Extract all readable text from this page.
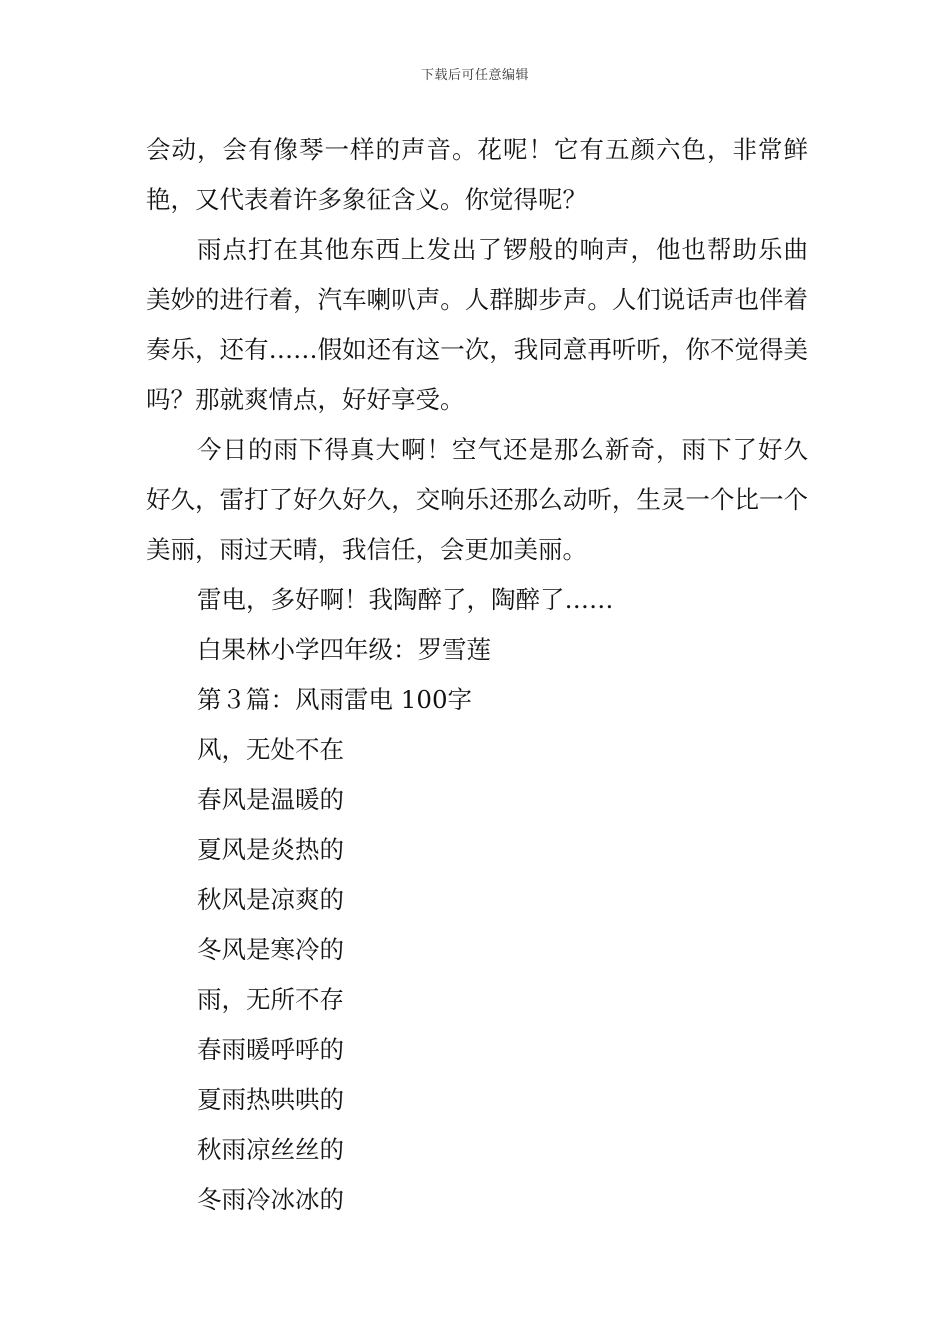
下载后可任意编辑

会动，会有像琴一样的声音。花呢！它有五颜六色，非常鲜艳，又代表着许多象征含义。你觉得呢？

雨点打在其他东西上发出了锣般的响声，他也帮助乐曲美妙的进行着，汽车喇叭声。人群脚步声。人们说话声也伴着奏乐，还有……假如还有这一次，我同意再听听，你不觉得美吗？那就爽情点，好好享受。

今日的雨下得真大啊！空气还是那么新奇，雨下了好久好久，雷打了好久好久，交响乐还那么动听，生灵一个比一个美丽，雨过天晴，我信任，会更加美丽。

雷电，多好啊！我陶醉了，陶醉了……

白果林小学四年级：罗雪莲

第３篇：风雨雷电 100字

风，无处不在

春风是温暖的

夏风是炎热的

秋风是凉爽的

冬风是寒冷的

雨，无所不存

春雨暖呼呼的

夏雨热哄哄的

秋雨凉丝丝的

冬雨冷冰冰的
